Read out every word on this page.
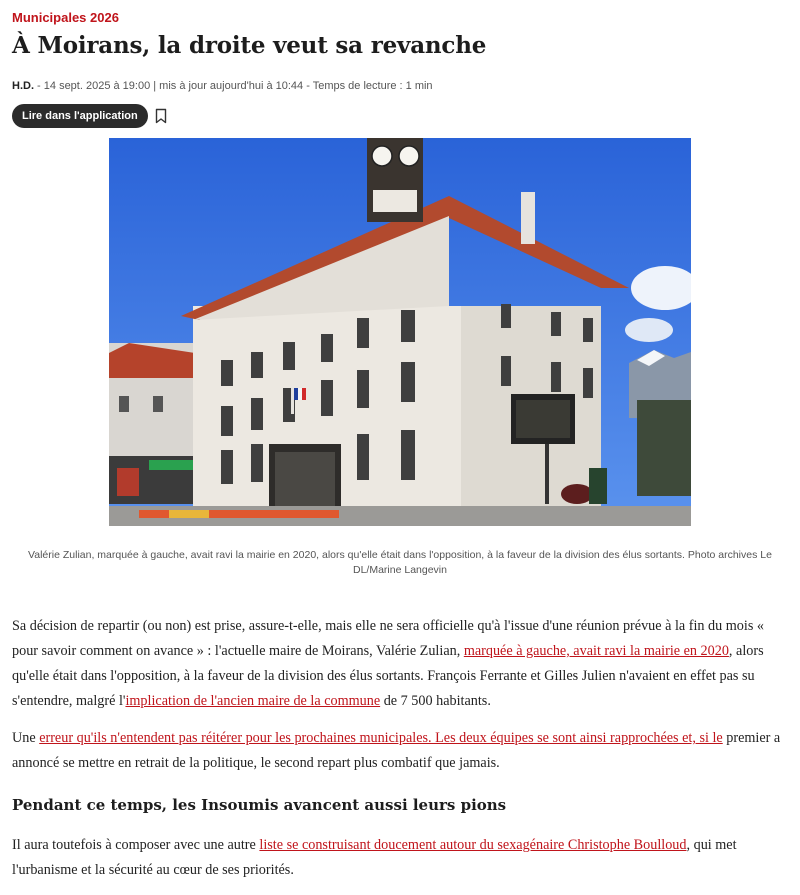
Municipales 2026
À Moirans, la droite veut sa revanche
H.D. - 14 sept. 2025 à 19:00 | mis à jour aujourd'hui à 10:44 - Temps de lecture : 1 min
Lire dans l'application
Valérie Zulian, marquée à gauche, avait ravi la mairie en 2020, alors qu'elle était dans l'opposition, à la faveur de la division des élus sortants. Photo archives Le DL/Marine Langevin

Sa décision de repartir (ou non) est prise, assure-t-elle, mais elle ne sera officielle qu'à l'issue d'une réunion prévue à la fin du mois « pour savoir comment on avance » : l'actuelle maire de Moirans, Valérie Zulian, marquée à gauche, avait ravi la mairie en 2020, alors qu'elle était dans l'opposition, à la faveur de la division des élus sortants. François Ferrante et Gilles Julien n'avaient en effet pas su s'entendre, malgré l'implication de l'ancien maire de la commune de 7 500 habitants.

Une erreur qu'ils n'entendent pas réitérer pour les prochaines municipales. Les deux équipes se sont ainsi rapprochées et, si le premier a annoncé se mettre en retrait de la politique, le second repart plus combatif que jamais.

Pendant ce temps, les Insoumis avancent aussi leurs pions

Il aura toutefois à composer avec une autre liste se construisant doucement autour du sexagénaire Christophe Boulloud, qui met l'urbanisme et la sécurité au cœur de ses priorités.
